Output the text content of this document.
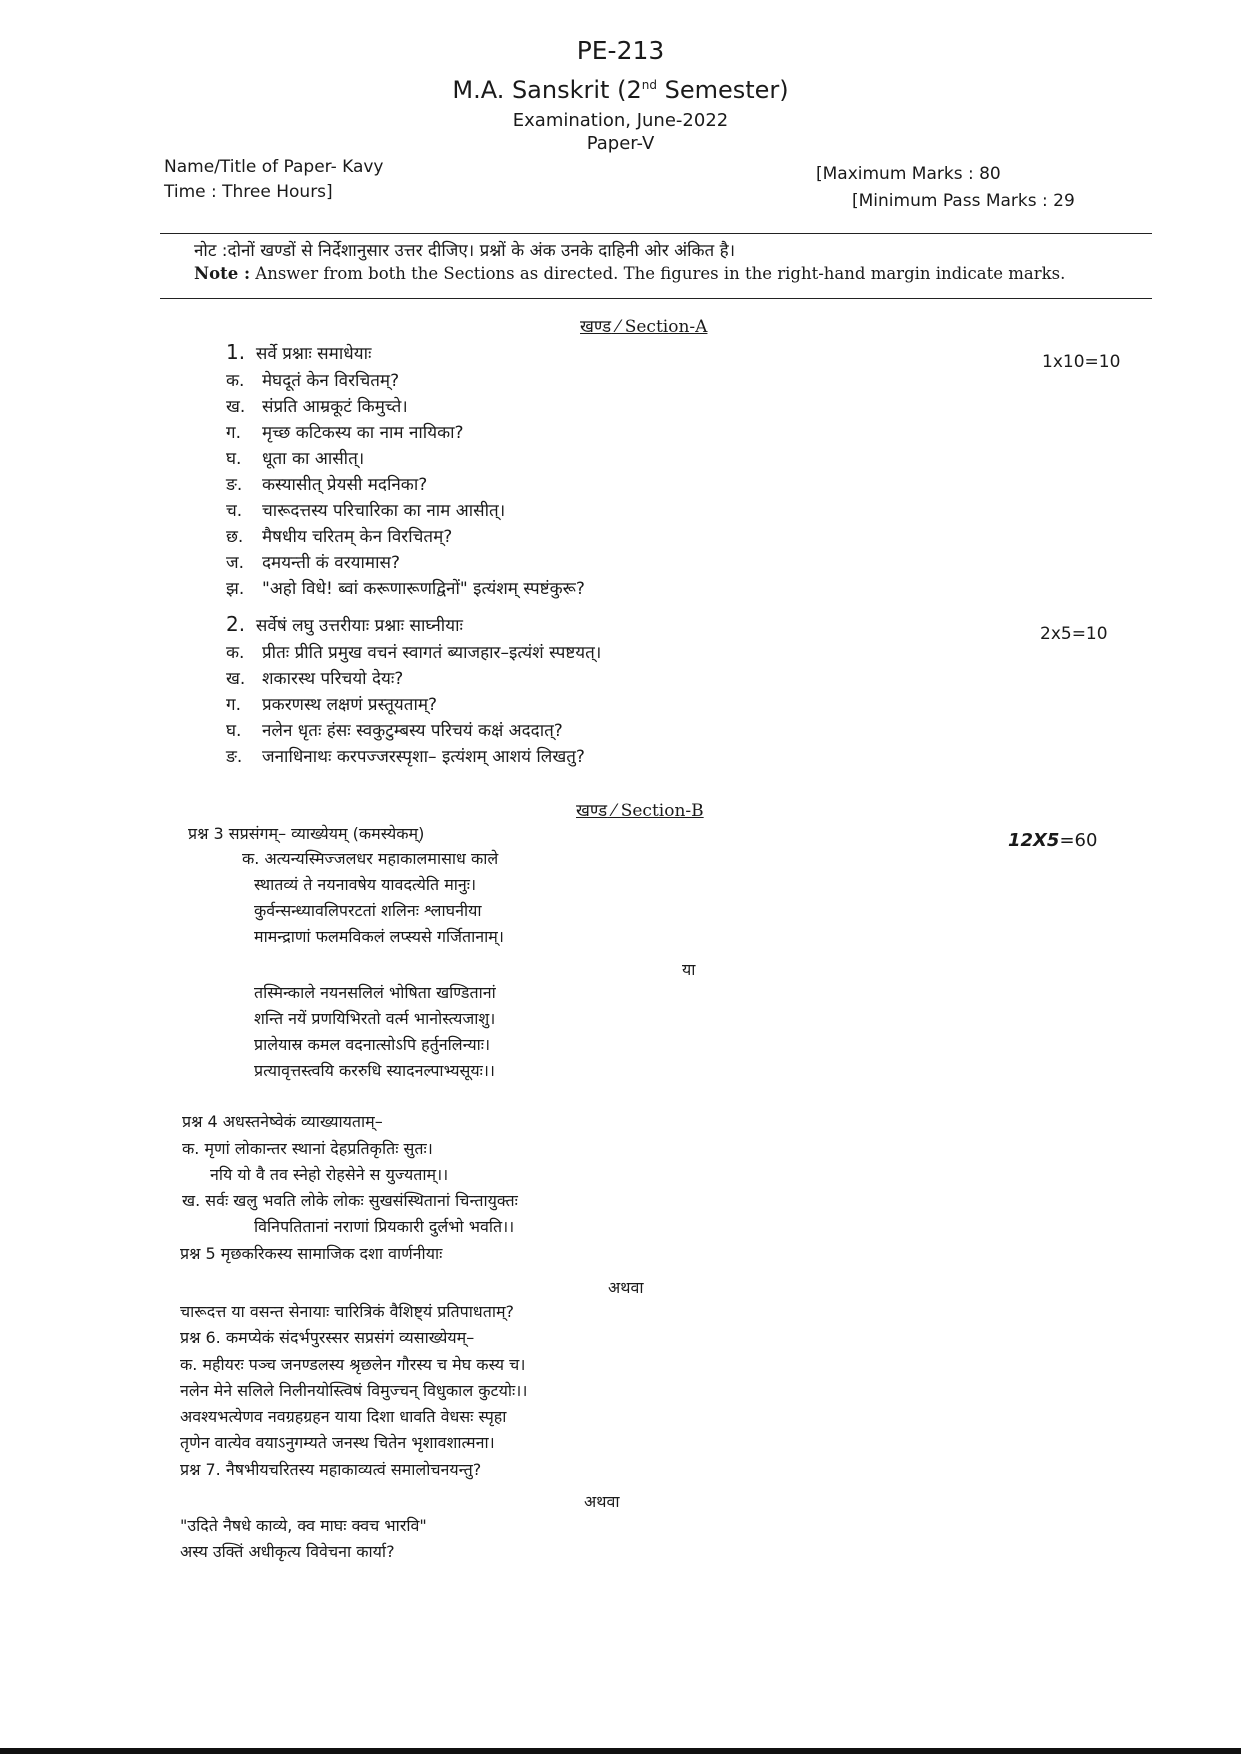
PE-213
M.A. Sanskrit (2nd Semester)
Examination, June-2022
Paper-V
Name/Title of Paper- Kavy
Time : Three Hours]
[Maximum Marks : 80
[Minimum Pass Marks : 29
नोट :दोनों खण्डों से निर्देशानुसार उत्तर दीजिए। प्रश्नों के अंक उनके दाहिनी ओर अंकित है।
Note : Answer from both the Sections as directed. The figures in the right-hand margin indicate marks.
खण्ड ⁄ Section-A
1. सर्वे प्रश्नाः समाधेयाः	1x10=10
क. मेघदूतं केन विरचितम्?
ख. संप्रति आम्रकूटं किमुच्ते।
ग. मृच्छ कटिकस्य का नाम नायिका?
घ. धूता का आसीत्।
ङ. कस्यासीत् प्रेयसी मदनिका?
च. चारूदत्तस्य परिचारिका का नाम आसीत्।
छ. मैषधीय चरितम् केन विरचितम्?
ज. दमयन्ती कं वरयामास?
झ. "अहो विधे! ब्वां करूणारूणद्विनों" इत्यंशम् स्पष्टंकुरू?
2. सर्वेषं लघु उत्तरीयाः प्रश्नाः साघ्नीयाः	2x5=10
क. प्रीतः प्रीति प्रमुख वचनं स्वागतं ब्याजहार–इत्यंशं स्पष्टयत्।
ख. शकारस्थ परिचयो देयः?
ग. प्रकरणस्थ लक्षणं प्रस्तूयताम्?
घ. नलेन धृतः हंसः स्वकुटुम्बस्य परिचयं कक्षं अददात्?
ङ. जनाधिनाथः करपज्जरस्पृशा– इत्यंशम् आशयं लिखतु?
खण्ड ⁄ Section-B
प्रश्न 3 सप्रसंगम्– व्याख्येयम् (कमस्येकम्)	12X5=60
क. अत्यन्यस्मिज्जलधर महाकालमासाध काले
स्थातव्यं ते नयनावषेय यावदत्येति मानुः।
कुर्वन्सन्ध्यावलिपरटतां शलिनः श्लाघनीया
मामन्द्राणां फलमविकलं लप्स्यसे गर्जितानाम्।
या
तस्मिन्काले नयनसलिलं भोषिता खण्डितानां
शन्ति नयें प्रणयिभिरतो वर्त्म भानोस्त्यजाशु।
प्रालेयास्र कमल वदनात्सोऽपि हर्तुनलिन्याः।
प्रत्यावृत्तस्त्वयि कररुधि स्यादनल्पाभ्यसूयः।।
प्रश्न 4 अधस्तनेष्वेकं व्याख्यायताम्–
क. मृणां लोकान्तर स्थानां देहप्रतिकृतिः सुतः।
नयि यो वै तव स्नेहो रोहसेने स युज्यताम्।।
ख. सर्वः खलु भवति लोके लोकः सुखसंस्थितानां चिन्तायुक्तः
विनिपतितानां नराणां प्रियकारी दुर्लभो भवति।।
प्रश्न 5 मृछकरिकस्य सामाजिक दशा वार्णनीयाः
अथवा
चारूदत्त या वसन्त सेनायाः चारित्रिकं वैशिष्ट्यं प्रतिपाधताम्?
प्रश्न 6. कमप्येकं संदर्भपुरस्सर सप्रसंगं व्यसाख्येयम्–
क. महीयरः पञ्च जनण्डलस्य श्रृछलेन गौरस्य च मेघ कस्य च।
नलेन मेने सलिले निलीनयोस्त्विषं विमुज्चन् विधुकाल कुटयोः।।
अवश्यभत्येणव नवग्रहग्रहन याया दिशा धावति वेधसः स्पृहा
तृणेन वात्येव वयाऽनुगम्यते जनस्थ चितेन भृशावशात्मना।
प्रश्न 7. नैषभीयचरितस्य महाकाव्यत्वं समालोचनयन्तु?
अथवा
"उदिते नैषधे काव्ये, क्व माघः क्वच भारवि"
अस्य उक्तिं अधीकृत्य विवेचना कार्या?
